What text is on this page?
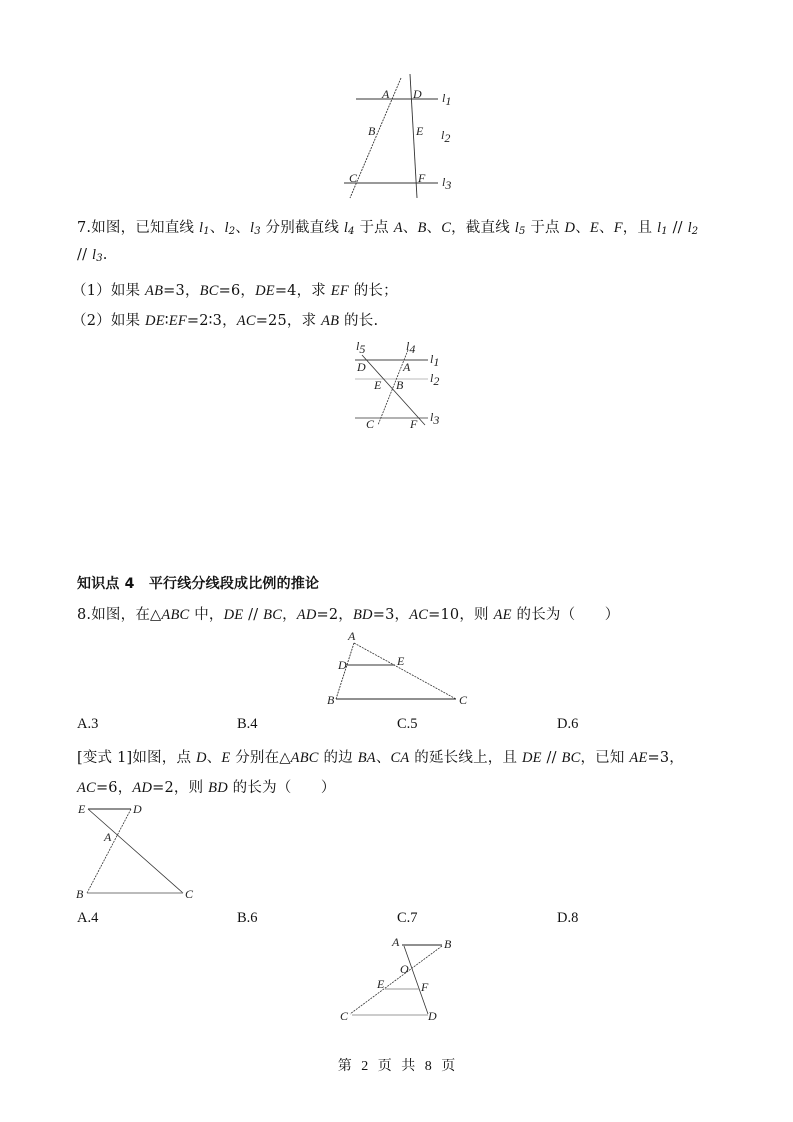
A D l1
B	E l2
C	F l3
7.如图，已知直线 $l_1$、$l_2$、$l_3$ 分别截直线 $l_4$ 于点 A、B、C，截直线 $l_5$ 于点 D、E、F，且 $l_1 // l_2$
// $l_3$.
（1）如果 AB=3，BC=6，DE=4，求 EF 的长；
（2）如果 DE∶EF=2∶3，AC=25，求 AB 的长.
l5	l4
D	A
l1
E B l2
C	F l3
知识点 4　平行线分线段成比例的推论
8.如图，在△ABC 中，DE // BC，AD=2，BD=3，AC=10，则 AE 的长为（　　）
A
D	E
B	C
A.3	B.4	C.5	D.6
[变式 1]如图，点 D、E 分别在△ABC 的边 BA、CA 的延长线上，且 DE // BC，已知 AE=3，
AC=6，AD=2，则 BD 的长为（　　）
E	D
A
B	C
A.4	B.6	C.7	D.8
A	B
O
E	F
C	D
第 2 页 共 8 页
